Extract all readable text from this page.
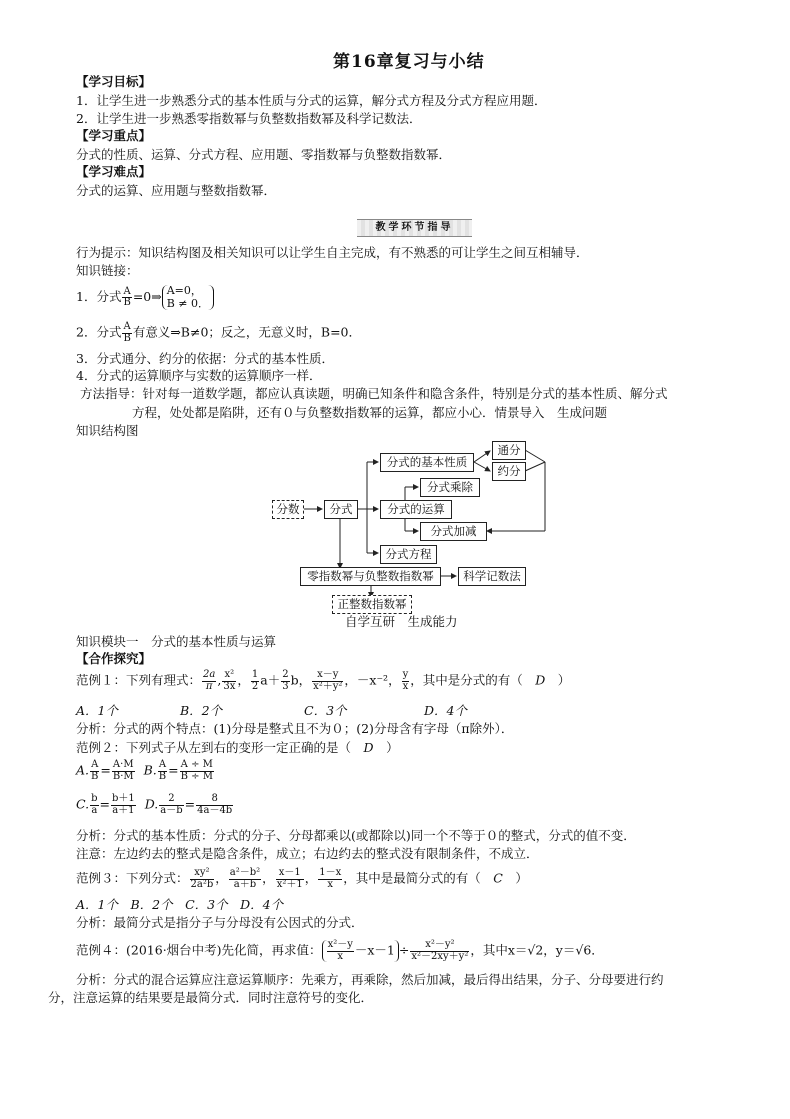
第16章复习与小结
【学习目标】
1．让学生进一步熟悉分式的基本性质与分式的运算，解分式方程及分式方程应用题．
2．让学生进一步熟悉零指数幂与负整数指数幂及科学记数法．
【学习重点】
分式的性质、运算、分式方程、应用题、零指数幂与负整数指数幂．
【学习难点】
分式的运算、应用题与整数指数幂．
教学环节指导
行为提示：知识结构图及相关知识可以让学生自主完成，有不熟悉的可让学生之间互相辅导．
知识链接：
1．分式 $\frac{A}{B}$ =0⇒ A=0，
B ≠ 0．
2．分式 $\frac{A}{B}$ 有意义⇒B≠0；反之，无意义时，B=0．
3．分式通分、约分的依据：分式的基本性质．
4．分式的运算顺序与实数的运算顺序一样．
方法指导：针对每一道数学题，都应认真读题，明确已知条件和隐含条件，特别是分式的基本性质、解分式
方程，处处都是陷阱，还有０与负整数指数幂的运算，都应小心．情景导入　生成问题
知识结构图
分数	分式
分式的基本性质
通分
约分
分式乘除
分式的运算
分式加减
分式方程
零指数幂与负整数指数幂	科学记数法
正整数指数幂
自学互研　生成能力
知识模块一　分式的基本性质与运算
【合作探究】
范例１：下列有理式： $\frac{2a}{\pi}$ , $\frac{\text{x²}}{3x}$ ， $\frac{1}{2} a+ \frac{2}{3}$ b， $\frac{x-y}{\text{x²＋y²}}$ ，－x⁻²， $\frac{y}{x}$ ，其中是分式的有（　D　）
A．1个	B．2个	C．3个	D．4个
分析：分式的两个特点：(1)分母是整式且不为０；(2)分母含有字母（π除外）．
范例２：下列式子从左到右的变形一定正确的是（　D　）
A. $\frac{A}{B} = \frac{A\cdot M}{B\cdot M} B$. $\frac{A}{B} = \frac{A \div M}{B \div M}$
C. $\frac{b}{a} = \frac{b+1}{a+1} D$. $\frac{2}{a-b} = \frac{8}{4a-4b}$
分析：分式的基本性质：分式的分子、分母都乘以(或都除以)同一个不等于０的整式，分式的值不变．
注意：左边约去的整式是隐含条件，成立；右边约去的整式没有限制条件，不成立．
范例３：下列分式： $\frac{\text{xy²}}{\text{2a²b}}$ ， $\frac{\text{a²－b²}}{a+b}$ ， $\frac{x-1}{\text{x²＋1}}$ ， $\frac{1-x}{x}$ ，其中是最简分式的有（　C　）
A．1个　B．2个　C．3个　D．4个
分析：最简分式是指分子与分母没有公因式的分式．
范例４：(2016·烟台中考)先化简，再求值： $\frac{\text{x²－y}}{x} -x-1 \div \frac{\text{x²－y²}}{\text{x²－2xy＋y²}}$ ，其中x＝√2，y＝√6．
分析：分式的混合运算应注意运算顺序：先乘方，再乘除，然后加减，最后得出结果，分子、分母要进行约
分，注意运算的结果要是最简分式．同时注意符号的变化．
